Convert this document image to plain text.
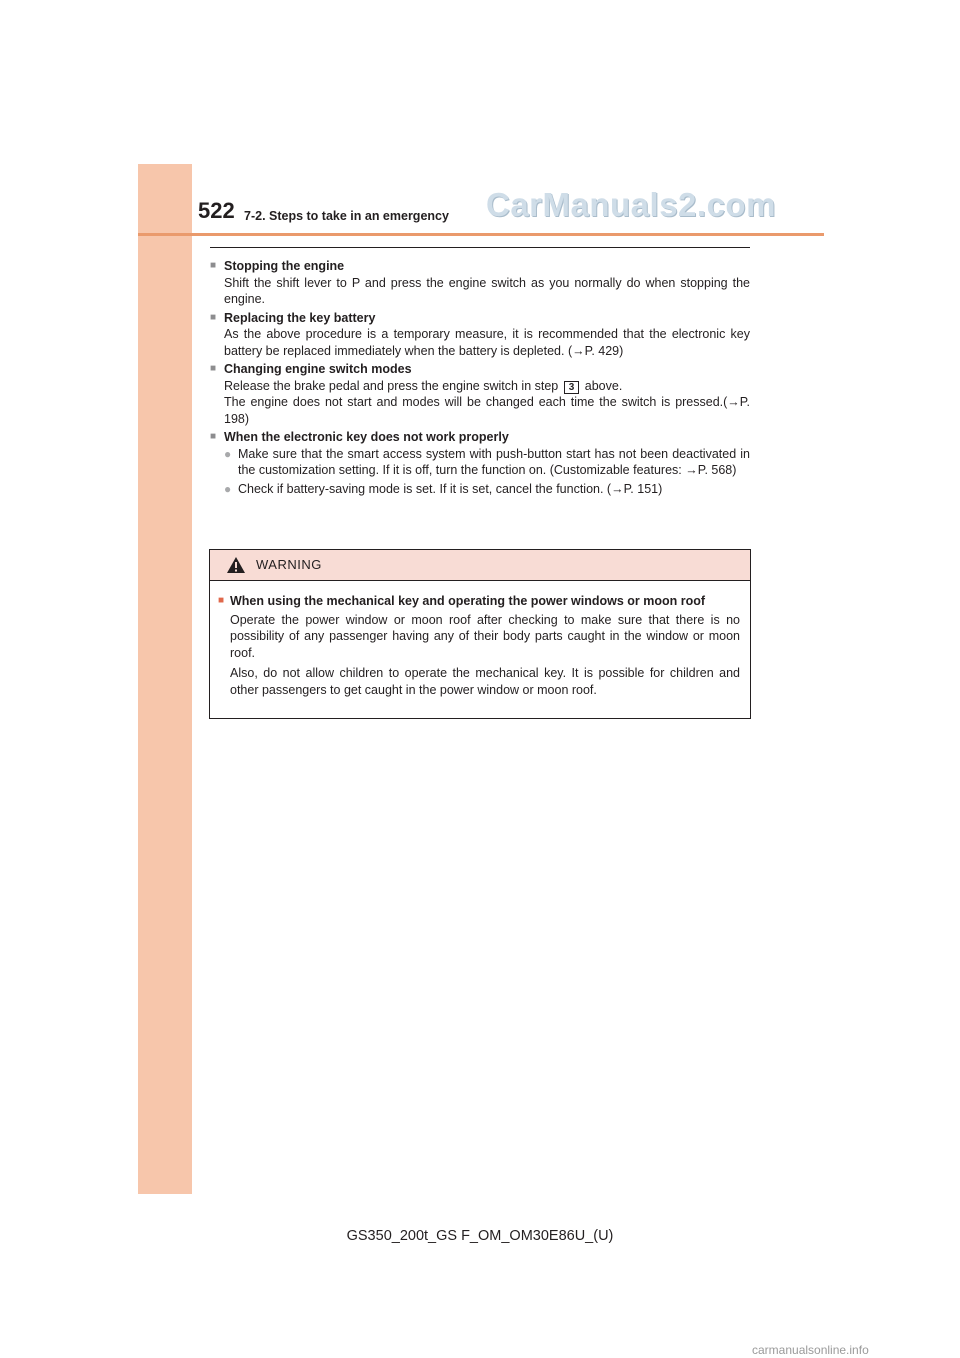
522 7-2. Steps to take in an emergency CarManuals2.com
■ Stopping the engine
Shift the shift lever to P and press the engine switch as you normally do when stopping the engine.
■ Replacing the key battery
As the above procedure is a temporary measure, it is recommended that the electronic key battery be replaced immediately when the battery is depleted. (→P. 429)
■ Changing engine switch modes
Release the brake pedal and press the engine switch in step 3 above.
The engine does not start and modes will be changed each time the switch is pressed.(→P. 198)
■ When the electronic key does not work properly
● Make sure that the smart access system with push-button start has not been deactivated in the customization setting. If it is off, turn the function on. (Customizable features: →P. 568)
● Check if battery-saving mode is set. If it is set, cancel the function. (→P. 151)
WARNING
■ When using the mechanical key and operating the power windows or moon roof
Operate the power window or moon roof after checking to make sure that there is no possibility of any passenger having any of their body parts caught in the window or moon roof.
Also, do not allow children to operate the mechanical key. It is possible for children and other passengers to get caught in the power window or moon roof.
GS350_200t_GS F_OM_OM30E86U_(U)
carmanualsonline.info
